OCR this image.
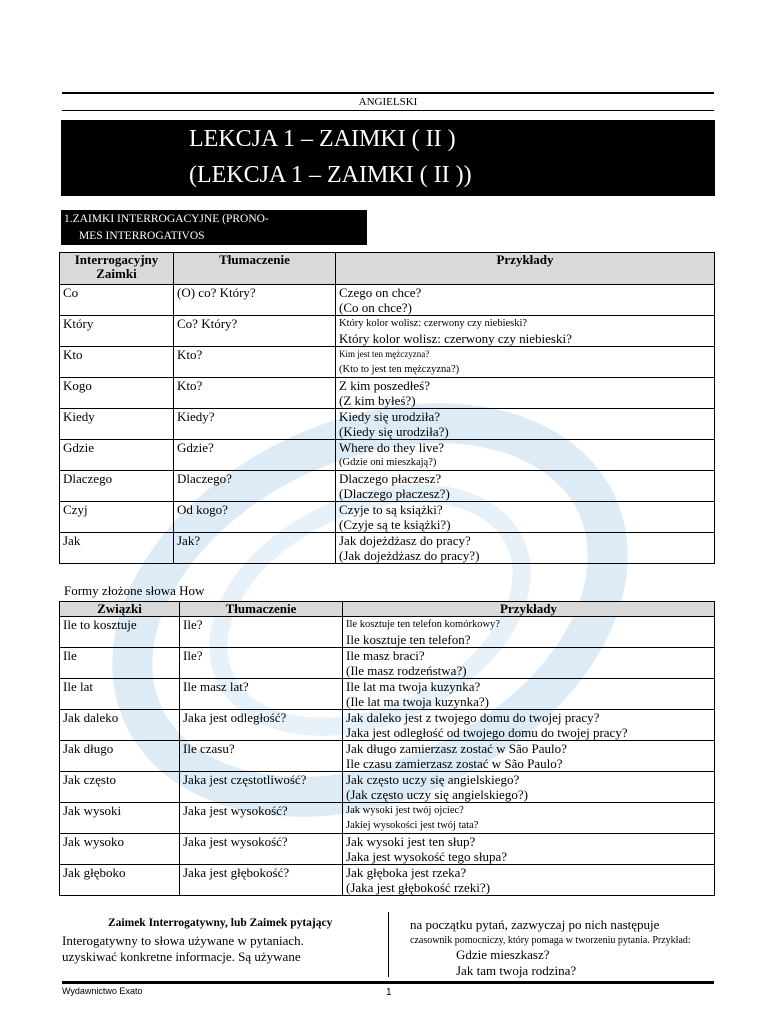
ANGIELSKI
LEKCJA 1 – ZAIMKI ( II )
(LEKCJA 1 – ZAIMKI ( II ))
1.ZAIMKI INTERROGACYJNE (PRONO-
MES INTERROGATIVOS
Interrogacyjny Zaimki	Tłumaczenie	Przykłady
Co	(O) co? Który?	Czego on chce?
(Co on chce?)

Który	Co? Który?	Który kolor wolisz: czerwony czy niebieski?
Który kolor wolisz: czerwony czy niebieski?

Kto	Kto?	Kim jest ten mężczyzna?
(Kto to jest ten mężczyzna?)

Kogo	Kto?	Z kim poszedłeś?
(Z kim byłeś?)

Kiedy	Kiedy?	Kiedy się urodziła?
(Kiedy się urodziła?)

Gdzie	Gdzie?	Where do they live?
(Gdzie oni mieszkają?)

Dlaczego	Dlaczego?	Dlaczego płaczesz?
(Dlaczego płaczesz?)

Czyj	Od kogo?	Czyje to są książki?
(Czyje są te książki?)

Jak	Jak?	Jak dojeżdżasz do pracy?
(Jak dojeżdżasz do pracy?)
Formy złożone słowa How
Związki	Tłumaczenie	Przykłady
Ile to kosztuje	Ile?	Ile kosztuje ten telefon komórkowy?
Ile kosztuje ten telefon?

Ile	Ile?	Ile masz braci?
(Ile masz rodzeństwa?)

Ile lat	Ile masz lat?	Ile lat ma twoja kuzynka?
(Ile lat ma twoja kuzynka?)

Jak daleko	Jaka jest odległość?	Jak daleko jest z twojego domu do twojej pracy?
Jaka jest odległość od twojego domu do twojej pracy?

Jak długo	Ile czasu?	Jak długo zamierzasz zostać w São Paulo?
Ile czasu zamierzasz zostać w São Paulo?

Jak często	Jaka jest częstotliwość?	Jak często uczy się angielskiego?
(Jak często uczy się angielskiego?)

Jak wysoki	Jaka jest wysokość?	Jak wysoki jest twój ojciec?
Jakiej wysokości jest twój tata?

Jak wysoko	Jaka jest wysokość?	Jak wysoki jest ten słup?
Jaka jest wysokość tego słupa?

Jak głęboko	Jaka jest głębokość?	Jak głęboka jest rzeka?
(Jaka jest głębokość rzeki?)
Zaimek Interrogatywny, lub Zaimek pytający
Interogatywny to słowa używane w pytaniach.
uzyskiwać konkretne informacje. Są używane
na początku pytań, zazwyczaj po nich następuje
czasownik pomocniczy, który pomaga w tworzeniu pytania. Przykład:
Gdzie mieszkasz?
Jak tam twoja rodzina?
Wydawnictwo Exato	1
